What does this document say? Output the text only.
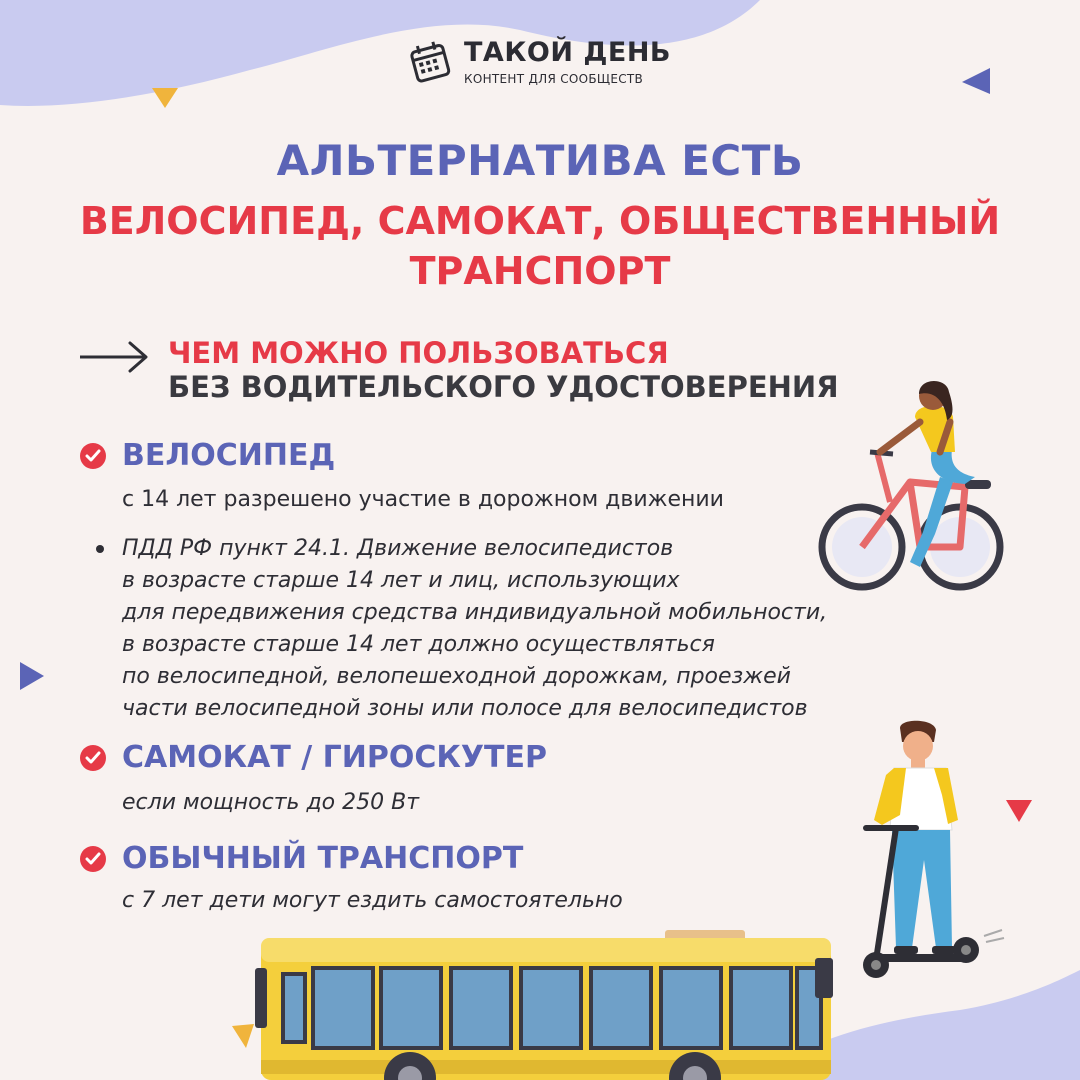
ТАКОЙ ДЕНЬ
КОНТЕНТ ДЛЯ СООБЩЕСТВ
АЛЬТЕРНАТИВА ЕСТЬ
ВЕЛОСИПЕД, САМОКАТ, ОБЩЕСТВЕННЫЙ
ТРАНСПОРТ
ЧЕМ МОЖНО ПОЛЬЗОВАТЬСЯ
БЕЗ ВОДИТЕЛЬСКОГО УДОСТОВЕРЕНИЯ
ВЕЛОСИПЕД
с 14 лет разрешено участие в дорожном движении
ПДД РФ пункт 24.1. Движение велосипедистов
в возрасте старше 14 лет и лиц, использующих
для передвижения средства индивидуальной мобильности,
в возрасте старше 14 лет должно осуществляться
по велосипедной, велопешеходной дорожкам, проезжей
части велосипедной зоны или полосе для велосипедистов
САМОКАТ / ГИРОСКУТЕР
если мощность до 250 Вт
ОБЫЧНЫЙ ТРАНСПОРТ
с 7 лет дети могут ездить самостоятельно
